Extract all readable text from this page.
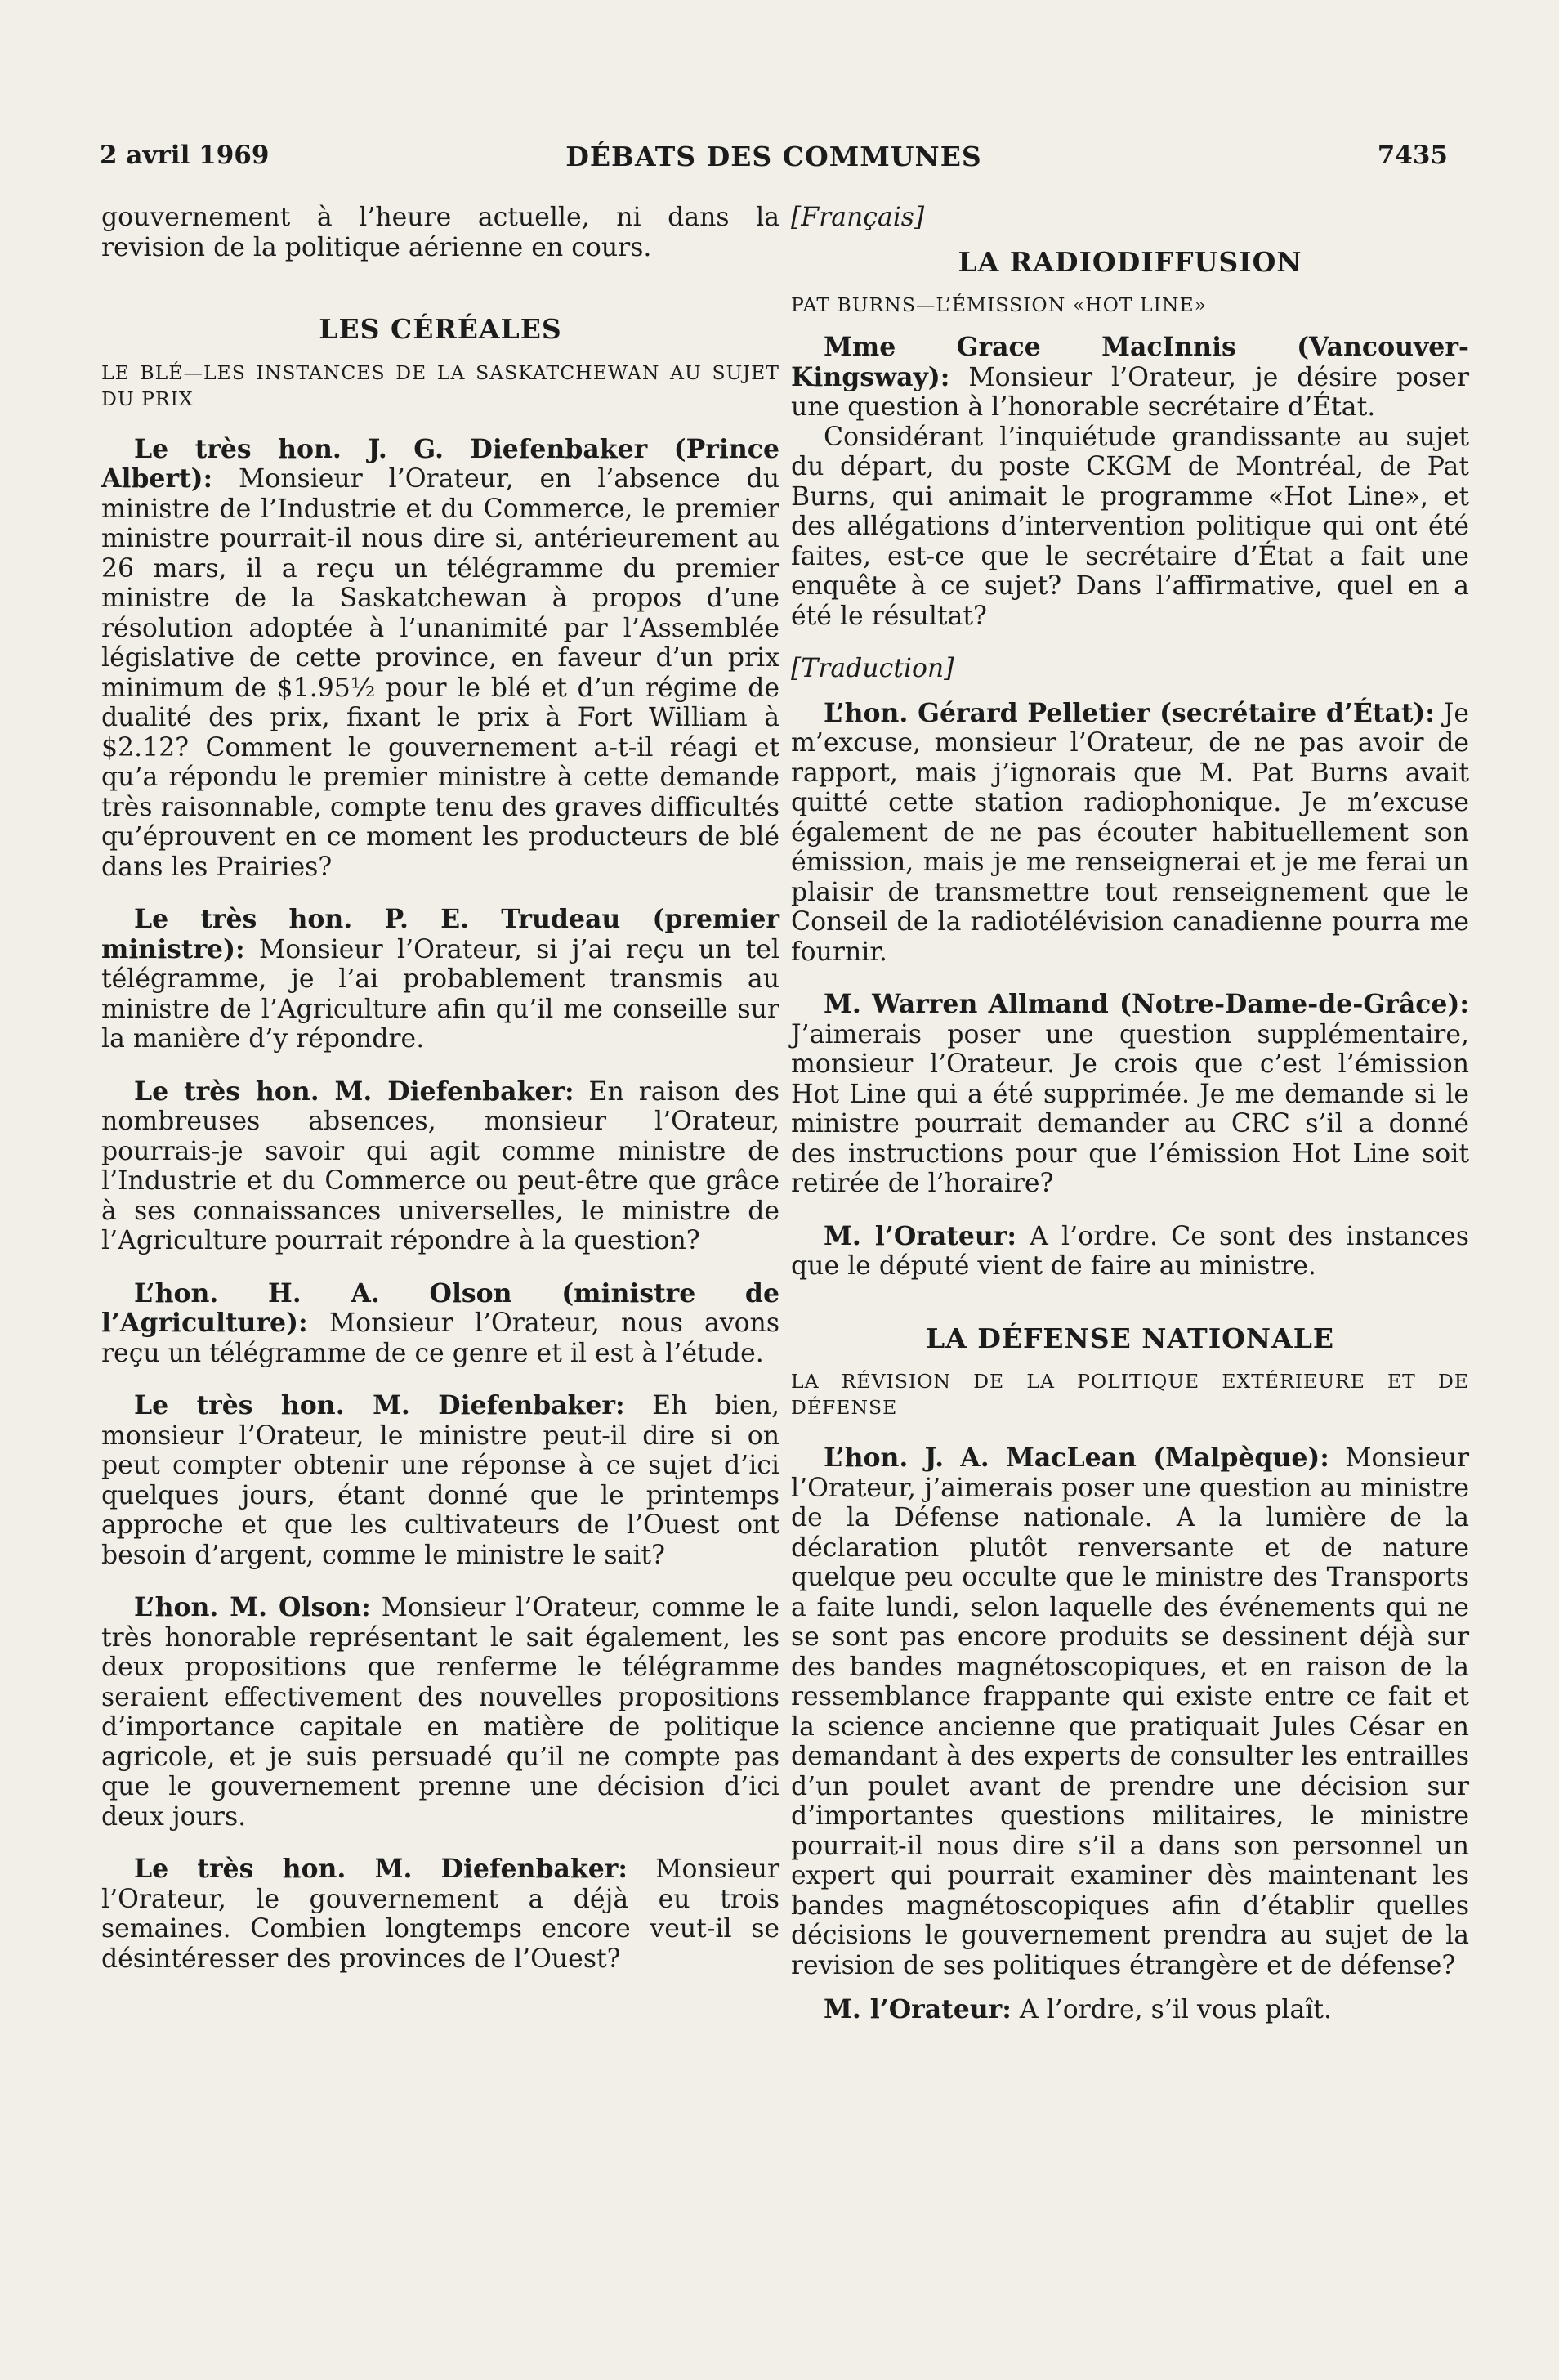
2 avril 1969	DÉBATS DES COMMUNES	7435

gouvernement à l’heure actuelle, ni dans la revision de la politique aérienne en cours.

LES CÉRÉALES

LE BLÉ—LES INSTANCES DE LA SASKATCHEWAN AU SUJET DU PRIX

Le très hon. J. G. Diefenbaker (Prince Albert): Monsieur l’Orateur, en l’absence du ministre de l’Industrie et du Commerce, le premier ministre pourrait-il nous dire si, antérieurement au 26 mars, il a reçu un télégramme du premier ministre de la Saskatchewan à propos d’une résolution adoptée à l’unanimité par l’Assemblée législative de cette province, en faveur d’un prix minimum de $1.95½ pour le blé et d’un régime de dualité des prix, fixant le prix à Fort William à $2.12? Comment le gouvernement a-t-il réagi et qu’a répondu le premier ministre à cette demande très raisonnable, compte tenu des graves difficultés qu’éprouvent en ce moment les producteurs de blé dans les Prairies?

Le très hon. P. E. Trudeau (premier ministre): Monsieur l’Orateur, si j’ai reçu un tel télégramme, je l’ai probablement transmis au ministre de l’Agriculture afin qu’il me conseille sur la manière d’y répondre.

Le très hon. M. Diefenbaker: En raison des nombreuses absences, monsieur l’Orateur, pourrais-je savoir qui agit comme ministre de l’Industrie et du Commerce ou peut-être que grâce à ses connaissances universelles, le ministre de l’Agriculture pourrait répondre à la question?

L’hon. H. A. Olson (ministre de l’Agriculture): Monsieur l’Orateur, nous avons reçu un télégramme de ce genre et il est à l’étude.

Le très hon. M. Diefenbaker: Eh bien, monsieur l’Orateur, le ministre peut-il dire si on peut compter obtenir une réponse à ce sujet d’ici quelques jours, étant donné que le printemps approche et que les cultivateurs de l’Ouest ont besoin d’argent, comme le ministre le sait?

L’hon. M. Olson: Monsieur l’Orateur, comme le très honorable représentant le sait également, les deux propositions que renferme le télégramme seraient effectivement des nouvelles propositions d’importance capitale en matière de politique agricole, et je suis persuadé qu’il ne compte pas que le gouvernement prenne une décision d’ici deux jours.

Le très hon. M. Diefenbaker: Monsieur l’Orateur, le gouvernement a déjà eu trois semaines. Combien longtemps encore veut-il se désintéresser des provinces de l’Ouest?

[Français]

LA RADIODIFFUSION

PAT BURNS—L’ÉMISSION «HOT LINE»

Mme Grace MacInnis (Vancouver-Kingsway): Monsieur l’Orateur, je désire poser une question à l’honorable secrétaire d’État.

Considérant l’inquiétude grandissante au sujet du départ, du poste CKGM de Montréal, de Pat Burns, qui animait le programme «Hot Line», et des allégations d’intervention politique qui ont été faites, est-ce que le secrétaire d’État a fait une enquête à ce sujet? Dans l’affirmative, quel en a été le résultat?

[Traduction]

L’hon. Gérard Pelletier (secrétaire d’État): Je m’excuse, monsieur l’Orateur, de ne pas avoir de rapport, mais j’ignorais que M. Pat Burns avait quitté cette station radiophonique. Je m’excuse également de ne pas écouter habituellement son émission, mais je me renseignerai et je me ferai un plaisir de transmettre tout renseignement que le Conseil de la radiotélévision canadienne pourra me fournir.

M. Warren Allmand (Notre-Dame-de-Grâce): J’aimerais poser une question supplémentaire, monsieur l’Orateur. Je crois que c’est l’émission Hot Line qui a été supprimée. Je me demande si le ministre pourrait demander au CRC s’il a donné des instructions pour que l’émission Hot Line soit retirée de l’horaire?

M. l’Orateur: A l’ordre. Ce sont des instances que le député vient de faire au ministre.

LA DÉFENSE NATIONALE

LA RÉVISION DE LA POLITIQUE EXTÉRIEURE ET DE DÉFENSE

L’hon. J. A. MacLean (Malpèque): Monsieur l’Orateur, j’aimerais poser une question au ministre de la Défense nationale. A la lumière de la déclaration plutôt renversante et de nature quelque peu occulte que le ministre des Transports a faite lundi, selon laquelle des événements qui ne se sont pas encore produits se dessinent déjà sur des bandes magnétoscopiques, et en raison de la ressemblance frappante qui existe entre ce fait et la science ancienne que pratiquait Jules César en demandant à des experts de consulter les entrailles d’un poulet avant de prendre une décision sur d’importantes questions militaires, le ministre pourrait-il nous dire s’il a dans son personnel un expert qui pourrait examiner dès maintenant les bandes magnétoscopiques afin d’établir quelles décisions le gouvernement prendra au sujet de la revision de ses politiques étrangère et de défense?

M. l’Orateur: A l’ordre, s’il vous plaît.
